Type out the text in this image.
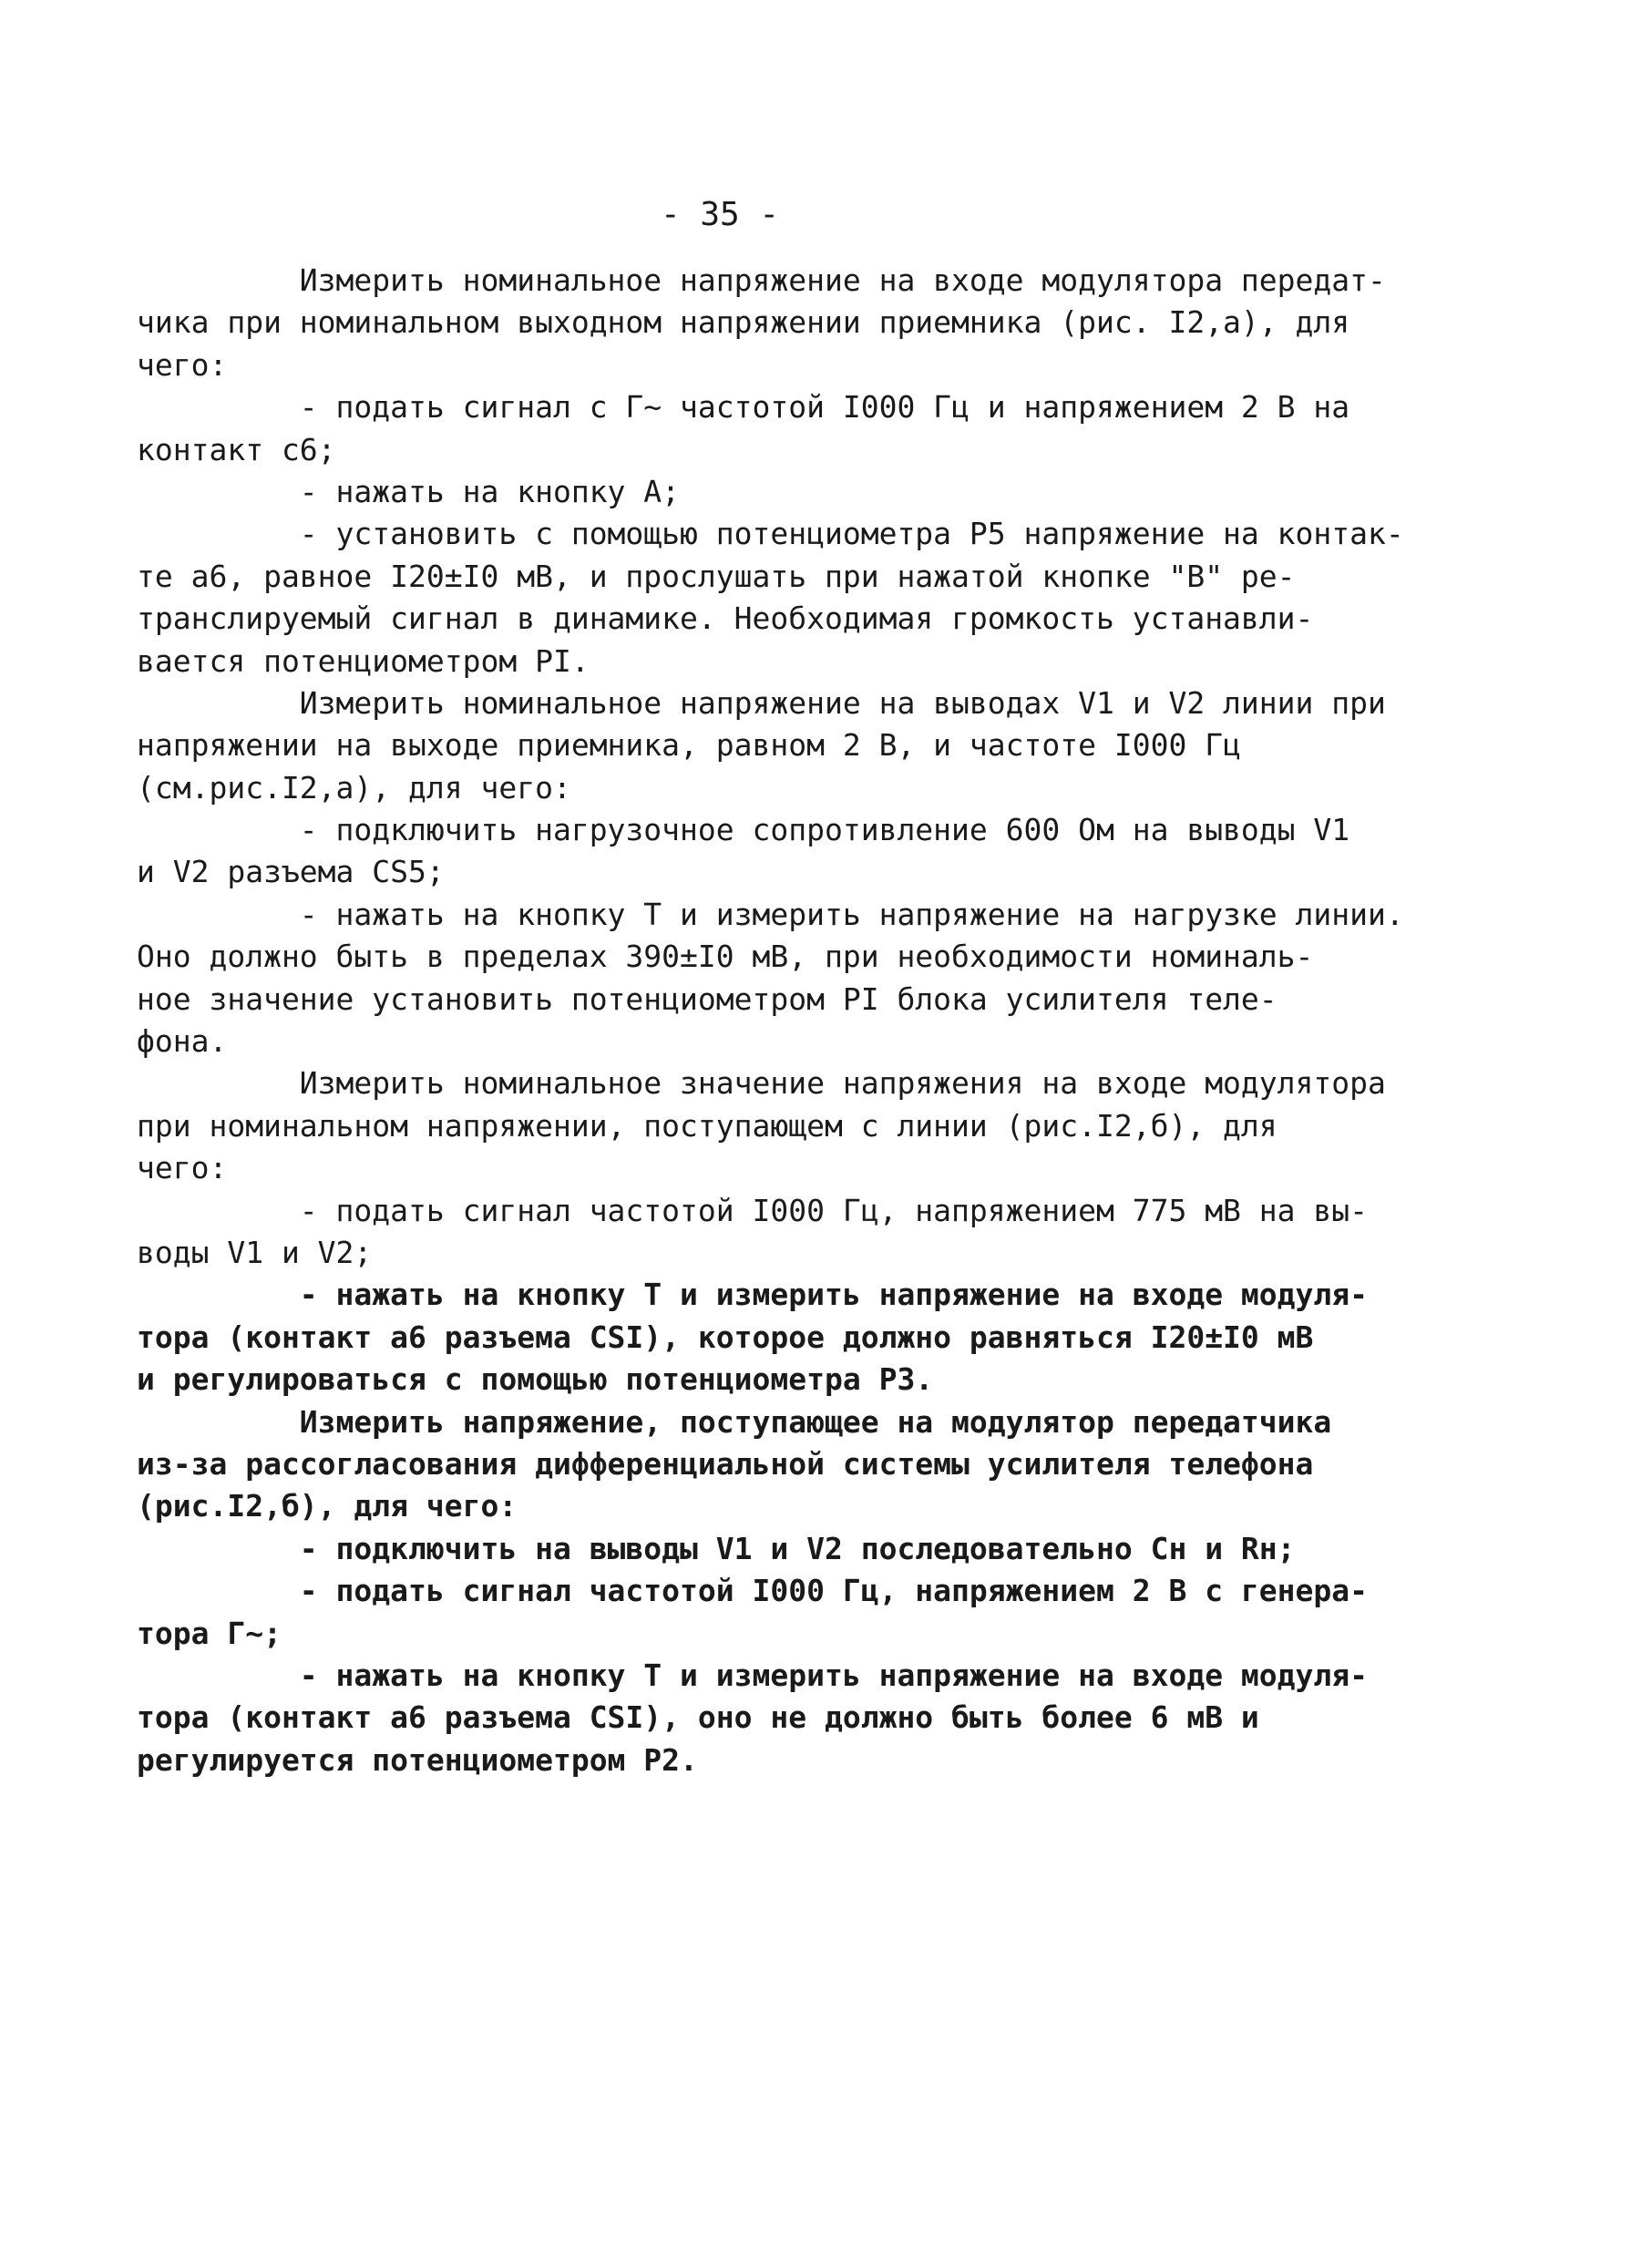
- 35 -
Измерить номинальное напряжение на входе модулятора передат-
чика при номинальном выходном напряжении приемника (рис. I2,a), для
чего:
- подать сигнал с Г~ частотой I000 Гц и напряжением 2 В на
контакт с6;
- нажать на кнопку А;
- установить с помощью потенциометра Р5 напряжение на контак-
те а6, равное I20±I0 мВ, и прослушать при нажатой кнопке "В" ре-
транслируемый сигнал в динамике. Необходимая громкость устанавли-
вается потенциометром PI.
Измерить номинальное напряжение на выводах V1 и V2 линии при
напряжении на выходе приемника, равном 2 В, и частоте I000 Гц
(см.рис.I2,a), для чего:
- подключить нагрузочное сопротивление 600 Ом на выводы V1
и V2 разъема CS5;
- нажать на кнопку Т и измерить напряжение на нагрузке линии.
Оно должно быть в пределах 390±I0 мВ, при необходимости номиналь-
ное значение установить потенциометром PI блока усилителя теле-
фона.
Измерить номинальное значение напряжения на входе модулятора
при номинальном напряжении, поступающем с линии (рис.I2,б), для
чего:
- подать сигнал частотой I000 Гц, напряжением 775 мВ на вы-
воды V1 и V2;
- нажать на кнопку Т и измерить напряжение на входе модуля-
тора (контакт а6 разъема CSI), которое должно равняться I20±I0 мВ
и регулироваться с помощью потенциометра P3.
Измерить напряжение, поступающее на модулятор передатчика
из-за рассогласования дифференциальной системы усилителя телефона
(рис.I2,б), для чего:
- подключить на выводы V1 и V2 последовательно Сн и Rн;
- подать сигнал частотой I000 Гц, напряжением 2 В с генера-
тора Г~;
- нажать на кнопку Т и измерить напряжение на входе модуля-
тора (контакт а6 разъема CSI), оно не должно быть более 6 мВ и
регулируется потенциометром Р2.
